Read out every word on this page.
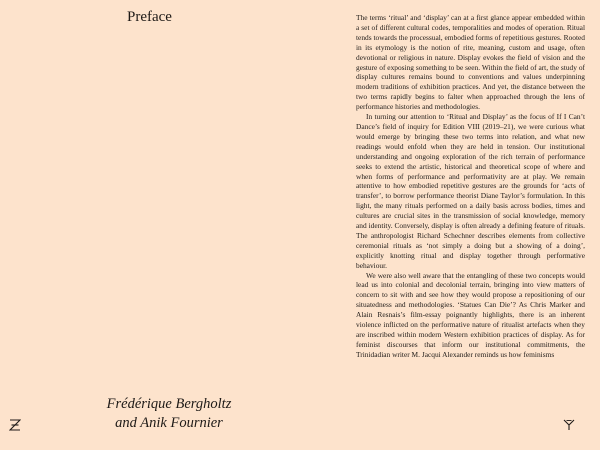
Preface
Frédérique Bergholtz
and Anik Fournier

The terms ‘ritual’ and ‘display’ can at a first glance appear embedded within a set of different cultural codes, temporalities and modes of operation. Ritual tends towards the processual, embodied forms of repetitious gestures. Rooted in its etymology is the notion of rite, meaning, custom and usage, often devotional or religious in nature. Display evokes the field of vision and the gesture of exposing something to be seen. Within the field of art, the study of display cultures remains bound to conventions and values underpinning modern traditions of exhibition practices. And yet, the distance between the two terms rapidly begins to falter when approached through the lens of performance histories and methodologies.

In turning our attention to ‘Ritual and Display’ as the focus of If I Can’t Dance’s field of inquiry for Edition VIII (2019–21), we were curious what would emerge by bringing these two terms into relation, and what new readings would enfold when they are held in tension. Our institutional understanding and ongoing exploration of the rich terrain of performance seeks to extend the artistic, historical and theoretical scope of where and when forms of performance and performativity are at play. We remain attentive to how embodied repetitive gestures are the grounds for ‘acts of transfer’, to borrow performance theorist Diane Taylor’s formulation. In this light, the many rituals performed on a daily basis across bodies, times and cultures are crucial sites in the transmission of social knowledge, memory and identity. Conversely, display is often already a defining feature of rituals. The anthropologist Richard Schechner describes elements from collective ceremonial rituals as ‘not simply a doing but a showing of a doing’, explicitly knotting ritual and display together through performative behaviour.

We were also well aware that the entangling of these two concepts would lead us into colonial and decolonial terrain, bringing into view matters of concern to sit with and see how they would propose a repositioning of our situatedness and methodologies. ‘Statues Can Die’? As Chris Marker and Alain Resnais’s film-essay poignantly highlights, there is an inherent violence inflicted on the performative nature of ritualist artefacts when they are inscribed within modern Western exhibition practices of display. As for feminist discourses that inform our institutional commitments, the Trinidadian writer M. Jacqui Alexander reminds us how feminisms
